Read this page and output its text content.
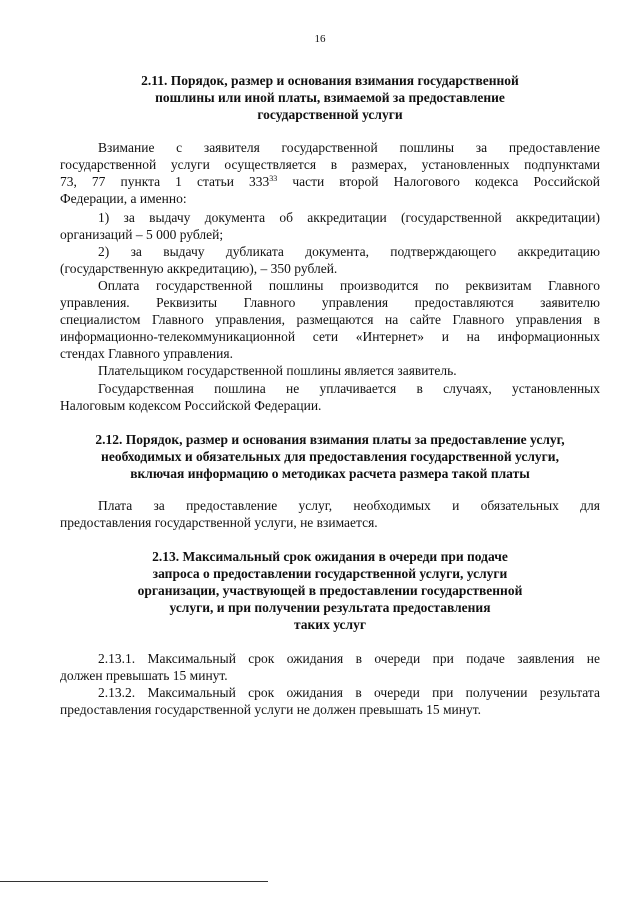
16
2.11. Порядок, размер и основания взимания государственной
пошлины или иной платы, взимаемой за предоставление
государственной услуги
Взимание с заявителя государственной пошлины за предоставление
государственной услуги осуществляется в размерах, установленных подпунктами
73, 77 пункта 1 статьи $333^{33}$ части второй Налогового кодекса Российской
Федерации, а именно:
1) за выдачу документа об аккредитации (государственной аккредитации)
организаций – 5 000 рублей;
2) за выдачу дубликата документа, подтверждающего аккредитацию
(государственную аккредитацию), – 350 рублей.
Оплата государственной пошлины производится по реквизитам Главного
управления. Реквизиты Главного управления предоставляются заявителю
специалистом Главного управления, размещаются на сайте Главного управления в
информационно-телекоммуникационной сети «Интернет» и на информационных
стендах Главного управления.
Плательщиком государственной пошлины является заявитель.
Государственная пошлина не уплачивается в случаях, установленных
Налоговым кодексом Российской Федерации.
2.12. Порядок, размер и основания взимания платы за предоставление услуг,
необходимых и обязательных для предоставления государственной услуги,
включая информацию о методиках расчета размера такой платы
Плата за предоставление услуг, необходимых и обязательных для
предоставления государственной услуги, не взимается.
2.13. Максимальный срок ожидания в очереди при подаче
запроса о предоставлении государственной услуги, услуги
организации, участвующей в предоставлении государственной
услуги, и при получении результата предоставления
таких услуг
2.13.1. Максимальный срок ожидания в очереди при подаче заявления не
должен превышать 15 минут.
2.13.2. Максимальный срок ожидания в очереди при получении результата
предоставления государственной услуги не должен превышать 15 минут.
